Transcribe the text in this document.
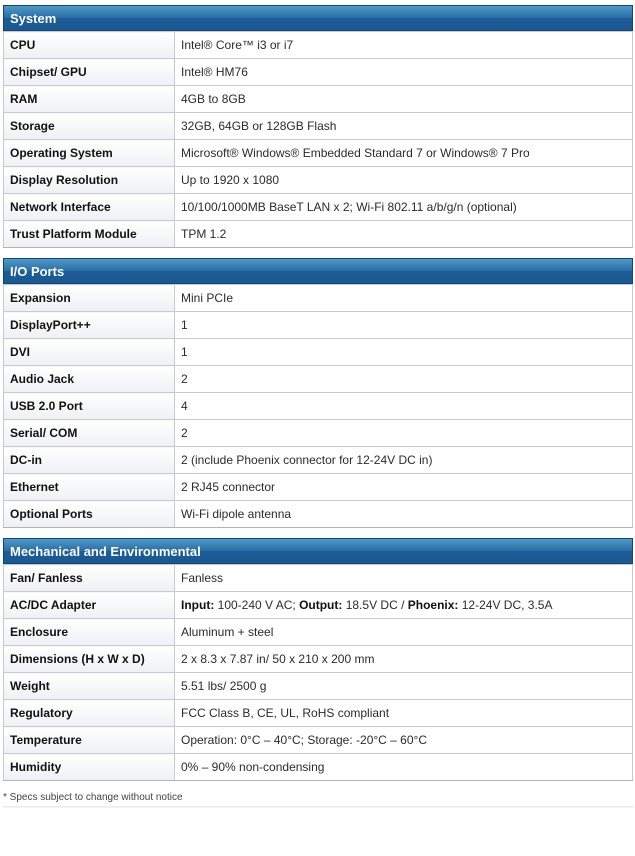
System
CPU	Intel® Core™ i3 or i7
Chipset/ GPU	Intel® HM76
RAM	4GB to 8GB
Storage	32GB, 64GB or 128GB Flash
Operating System	Microsoft® Windows® Embedded Standard 7 or Windows® 7 Pro
Display Resolution	Up to 1920 x 1080
Network Interface	10/100/1000MB BaseT LAN x 2; Wi-Fi 802.11 a/b/g/n (optional)
Trust Platform Module	TPM 1.2
I/O Ports
Expansion	Mini PCIe
DisplayPort++	1
DVI	1
Audio Jack	2
USB 2.0 Port	4
Serial/ COM	2
DC-in	2 (include Phoenix connector for 12-24V DC in)
Ethernet	2 RJ45 connector
Optional Ports	Wi-Fi dipole antenna
Mechanical and Environmental
Fan/ Fanless	Fanless
AC/DC Adapter	Input: 100-240 V AC; Output: 18.5V DC / Phoenix: 12-24V DC, 3.5A
Enclosure	Aluminum + steel
Dimensions (H x W x D)	2 x 8.3 x 7.87 in/ 50 x 210 x 200 mm
Weight	5.51 lbs/ 2500 g
Regulatory	FCC Class B, CE, UL, RoHS compliant
Temperature	Operation: 0°C – 40°C; Storage: -20°C – 60°C
Humidity	0% – 90% non-condensing
* Specs subject to change without notice
